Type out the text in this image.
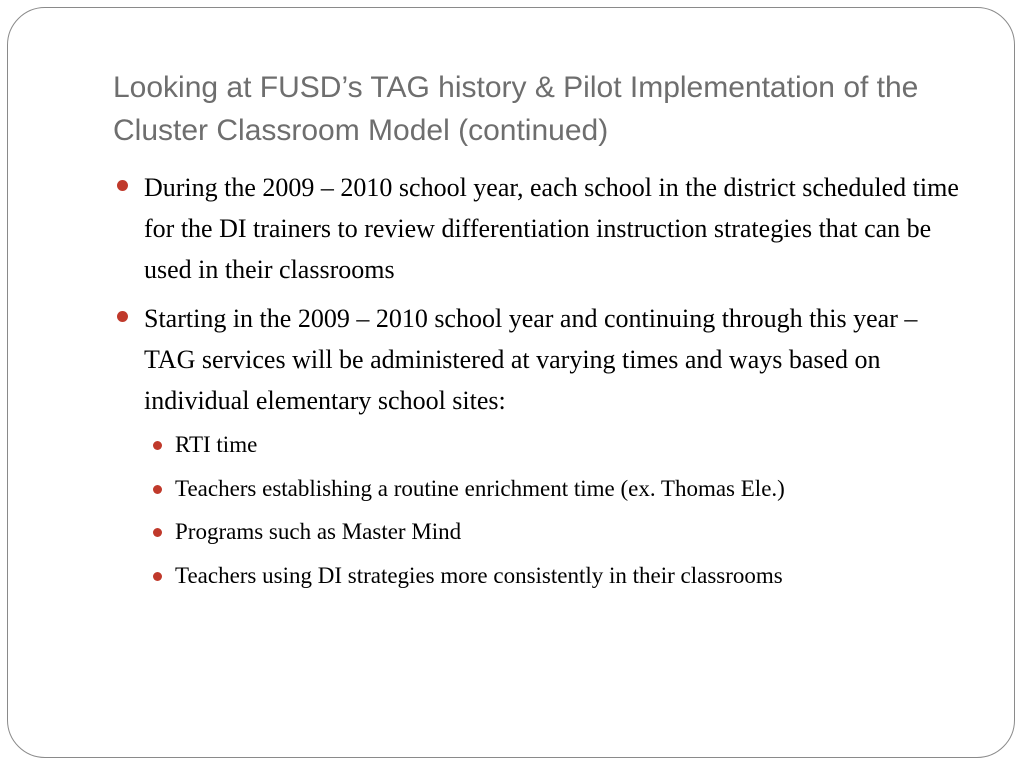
Looking at FUSD’s TAG history & Pilot Implementation of the Cluster Classroom Model (continued)
During the 2009 – 2010 school year, each school in the district scheduled time for the DI trainers to review differentiation instruction strategies that can be used in their classrooms
Starting in the 2009 – 2010 school year and continuing through this year – TAG services will be administered at varying times and ways based on individual elementary school sites:
RTI time
Teachers establishing a routine enrichment time (ex. Thomas Ele.)
Programs such as Master Mind
Teachers using DI strategies more consistently in their classrooms
